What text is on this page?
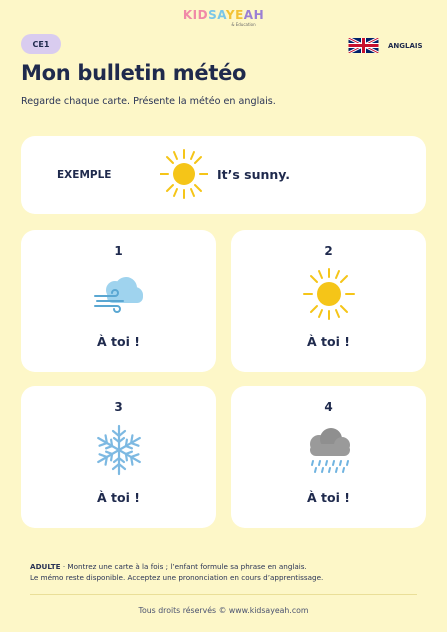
KIDSAYEAH
& Education
CE1	ANGLAIS
Mon bulletin météo

Regarde chaque carte. Présente la météo en anglais.

EXEMPLE	It’s sunny.
1
À toi !
2
À toi !
3
À toi !
4
À toi !
ADULTE · Montrez une carte à la fois ; l’enfant formule sa phrase en anglais.
Le mémo reste disponible. Acceptez une prononciation en cours d’apprentissage.
Tous droits réservés © www.kidsayeah.com
